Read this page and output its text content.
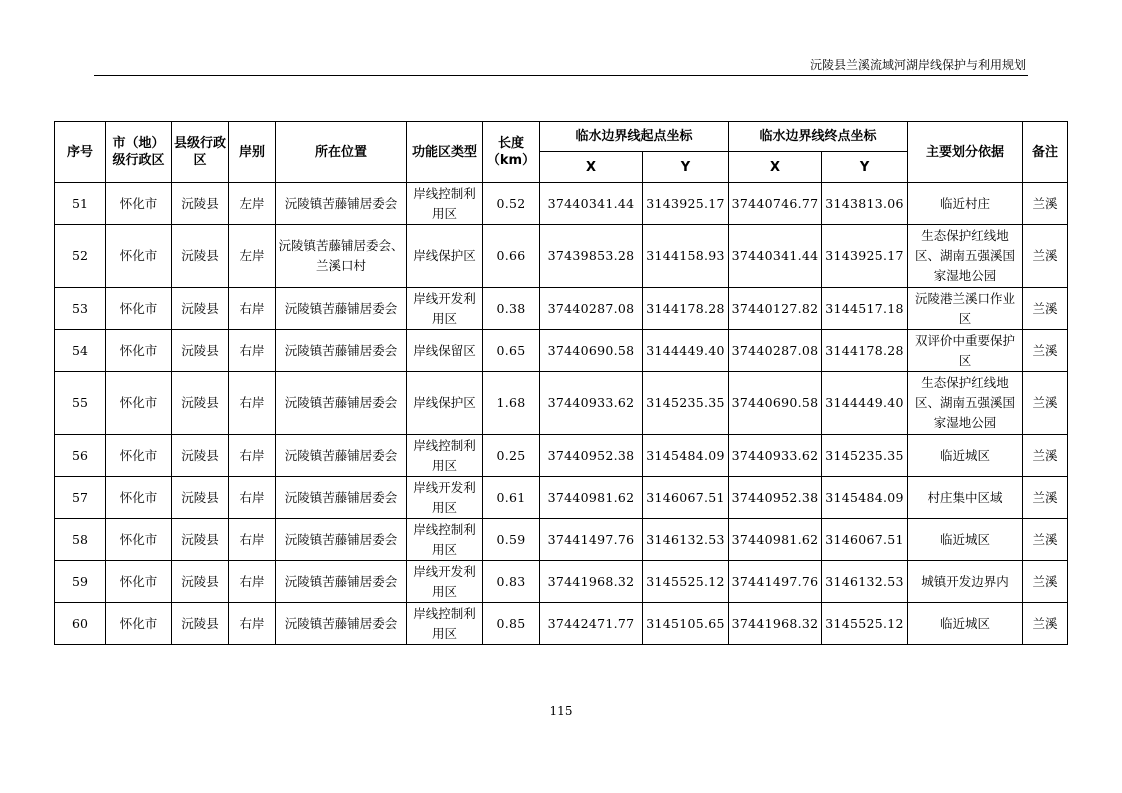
沅陵县兰溪流域河湖岸线保护与利用规划
序号	市（地）级行政区	县级行政区	岸别	所在位置	功能区类型	长度（km）	临水边界线起点坐标		临水边界线终点坐标		主要划分依据	备注
							X	Y	X	Y		
51	怀化市	沅陵县	左岸	沅陵镇苦藤铺居委会	岸线控制利用区	0.52	37440341.44	3143925.17	37440746.77	3143813.06	临近村庄	兰溪
52	怀化市	沅陵县	左岸	沅陵镇苦藤铺居委会、兰溪口村	岸线保护区	0.66	37439853.28	3144158.93	37440341.44	3143925.17	生态保护红线地区、湖南五强溪国家湿地公园	兰溪
53	怀化市	沅陵县	右岸	沅陵镇苦藤铺居委会	岸线开发利用区	0.38	37440287.08	3144178.28	37440127.82	3144517.18	沅陵港兰溪口作业区	兰溪
54	怀化市	沅陵县	右岸	沅陵镇苦藤铺居委会	岸线保留区	0.65	37440690.58	3144449.40	37440287.08	3144178.28	双评价中重要保护区	兰溪
55	怀化市	沅陵县	右岸	沅陵镇苦藤铺居委会	岸线保护区	1.68	37440933.62	3145235.35	37440690.58	3144449.40	生态保护红线地区、湖南五强溪国家湿地公园	兰溪
56	怀化市	沅陵县	右岸	沅陵镇苦藤铺居委会	岸线控制利用区	0.25	37440952.38	3145484.09	37440933.62	3145235.35	临近城区	兰溪
57	怀化市	沅陵县	右岸	沅陵镇苦藤铺居委会	岸线开发利用区	0.61	37440981.62	3146067.51	37440952.38	3145484.09	村庄集中区域	兰溪
58	怀化市	沅陵县	右岸	沅陵镇苦藤铺居委会	岸线控制利用区	0.59	37441497.76	3146132.53	37440981.62	3146067.51	临近城区	兰溪
59	怀化市	沅陵县	右岸	沅陵镇苦藤铺居委会	岸线开发利用区	0.83	37441968.32	3145525.12	37441497.76	3146132.53	城镇开发边界内	兰溪
60	怀化市	沅陵县	右岸	沅陵镇苦藤铺居委会	岸线控制利用区	0.85	37442471.77	3145105.65	37441968.32	3145525.12	临近城区	兰溪
115
